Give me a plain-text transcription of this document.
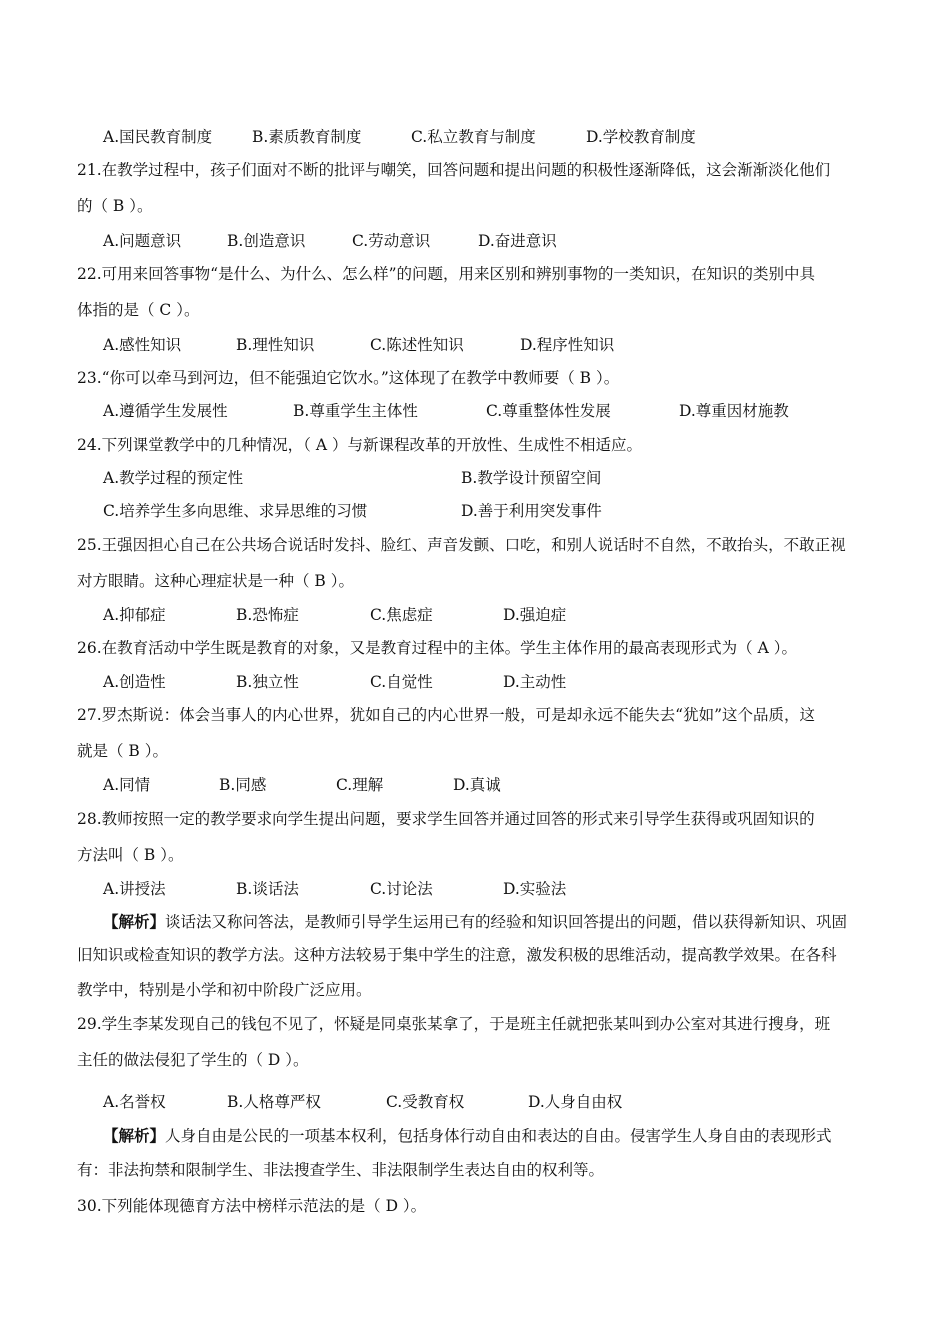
A.国民教育制度	B.素质教育制度	C.私立教育与制度	D.学校教育制度
21.在教学过程中，孩子们面对不断的批评与嘲笑，回答问题和提出问题的积极性逐渐降低，这会渐渐淡化他们
的（ B ）。
A.问题意识	B.创造意识	C.劳动意识	D.奋进意识
22.可用来回答事物“是什么、为什么、怎么样”的问题，用来区别和辨别事物的一类知识，在知识的类别中具
体指的是（ C ）。
A.感性知识	B.理性知识	C.陈述性知识	D.程序性知识
23.“你可以牵马到河边，但不能强迫它饮水。”这体现了在教学中教师要（ B ）。
A.遵循学生发展性	B.尊重学生主体性	C.尊重整体性发展	D.尊重因材施教
24.下列课堂教学中的几种情况，（ A ）与新课程改革的开放性、生成性不相适应。
A.教学过程的预定性	B.教学设计预留空间
C.培养学生多向思维、求异思维的习惯	D.善于利用突发事件
25.王强因担心自己在公共场合说话时发抖、脸红、声音发颤、口吃，和别人说话时不自然，不敢抬头，不敢正视
对方眼睛。这种心理症状是一种（ B ）。
A.抑郁症	B.恐怖症	C.焦虑症	D.强迫症
26.在教育活动中学生既是教育的对象，又是教育过程中的主体。学生主体作用的最高表现形式为（ A ）。
A.创造性	B.独立性	C.自觉性	D.主动性
27.罗杰斯说：体会当事人的内心世界，犹如自己的内心世界一般，可是却永远不能失去“犹如”这个品质，这
就是（ B ）。
A.同情	B.同感	C.理解	D.真诚
28.教师按照一定的教学要求向学生提出问题，要求学生回答并通过回答的形式来引导学生获得或巩固知识的
方法叫（ B ）。
A.讲授法	B.谈话法	C.讨论法	D.实验法
【解析】谈话法又称问答法，是教师引导学生运用已有的经验和知识回答提出的问题，借以获得新知识、巩固
旧知识或检查知识的教学方法。这种方法较易于集中学生的注意，激发积极的思维活动，提高教学效果。在各科
教学中，特别是小学和初中阶段广泛应用。
29.学生李某发现自己的钱包不见了，怀疑是同桌张某拿了，于是班主任就把张某叫到办公室对其进行搜身，班
主任的做法侵犯了学生的（ D ）。
A.名誉权	B.人格尊严权	C.受教育权	D.人身自由权
【解析】人身自由是公民的一项基本权利，包括身体行动自由和表达的自由。侵害学生人身自由的表现形式
有：非法拘禁和限制学生、非法搜查学生、非法限制学生表达自由的权利等。
30.下列能体现德育方法中榜样示范法的是（ D ）。
